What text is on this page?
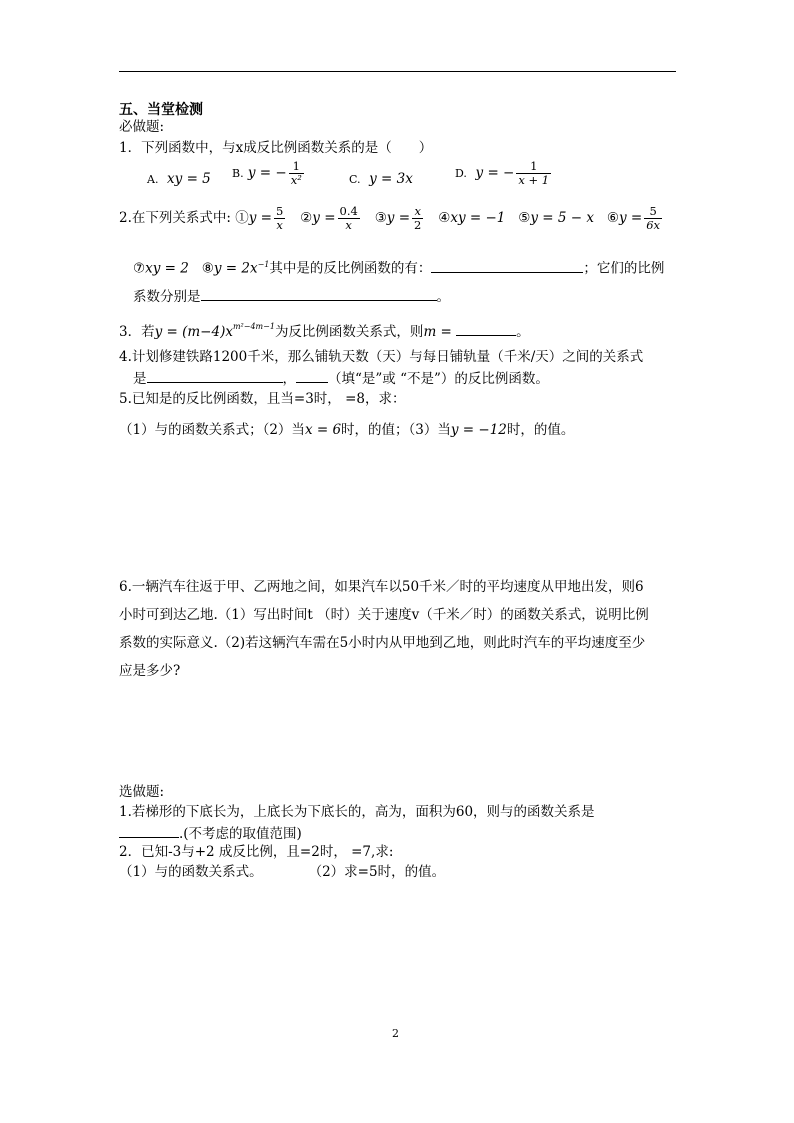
五、当堂检测
必做题:
1．下列函数中，与x成反比例函数关系的是（　　）
A. xy = 5 B. y = − $\frac{1}{\text{x²}}$	C. y = 3x	D. y = − $\frac{1}{x + 1}$
2.在下列关系式中: ①y = $\frac{5}{x}$ ②y = $\frac{0.4}{x}$ ③y = $\frac{x}{2}$ ④xy = −1 ⑤y = 5 − x ⑥y = $\frac{5}{6x}$
⑦xy = 2 ⑧y = $2x^{-1}$其中是的反比例函数的有：	；它们的比例
系数分别是	。
3．若$y = (m-4)x^{m^2-4m-1}$为反比例函数关系式，则m =	。
4.计划修建铁路1200千米，那么铺轨天数（天）与每日铺轨量（千米/天）之间的关系式
是	， （填“是”或 “不是”）的反比例函数。
5.已知是的反比例函数，且当=3时， =8，求：
（1）与的函数关系式；（2）当x = 6时，的值；（3）当y = −12时，的值。
6.一辆汽车往返于甲、乙两地之间，如果汽车以50千米／时的平均速度从甲地出发，则6
小时可到达乙地.（1）写出时间t （时）关于速度v（千米／时）的函数关系式，说明比例
系数的实际意义.（2)若这辆汽车需在5小时内从甲地到乙地，则此时汽车的平均速度至少
应是多少?
选做题:
1.若梯形的下底长为，上底长为下底长的，高为，面积为60，则与的函数关系是
.(不考虑的取值范围)
2．已知-3与+2 成反比例，且=2时， =7,求:
（1）与的函数关系式。	（2）求=5时，的值。
2
